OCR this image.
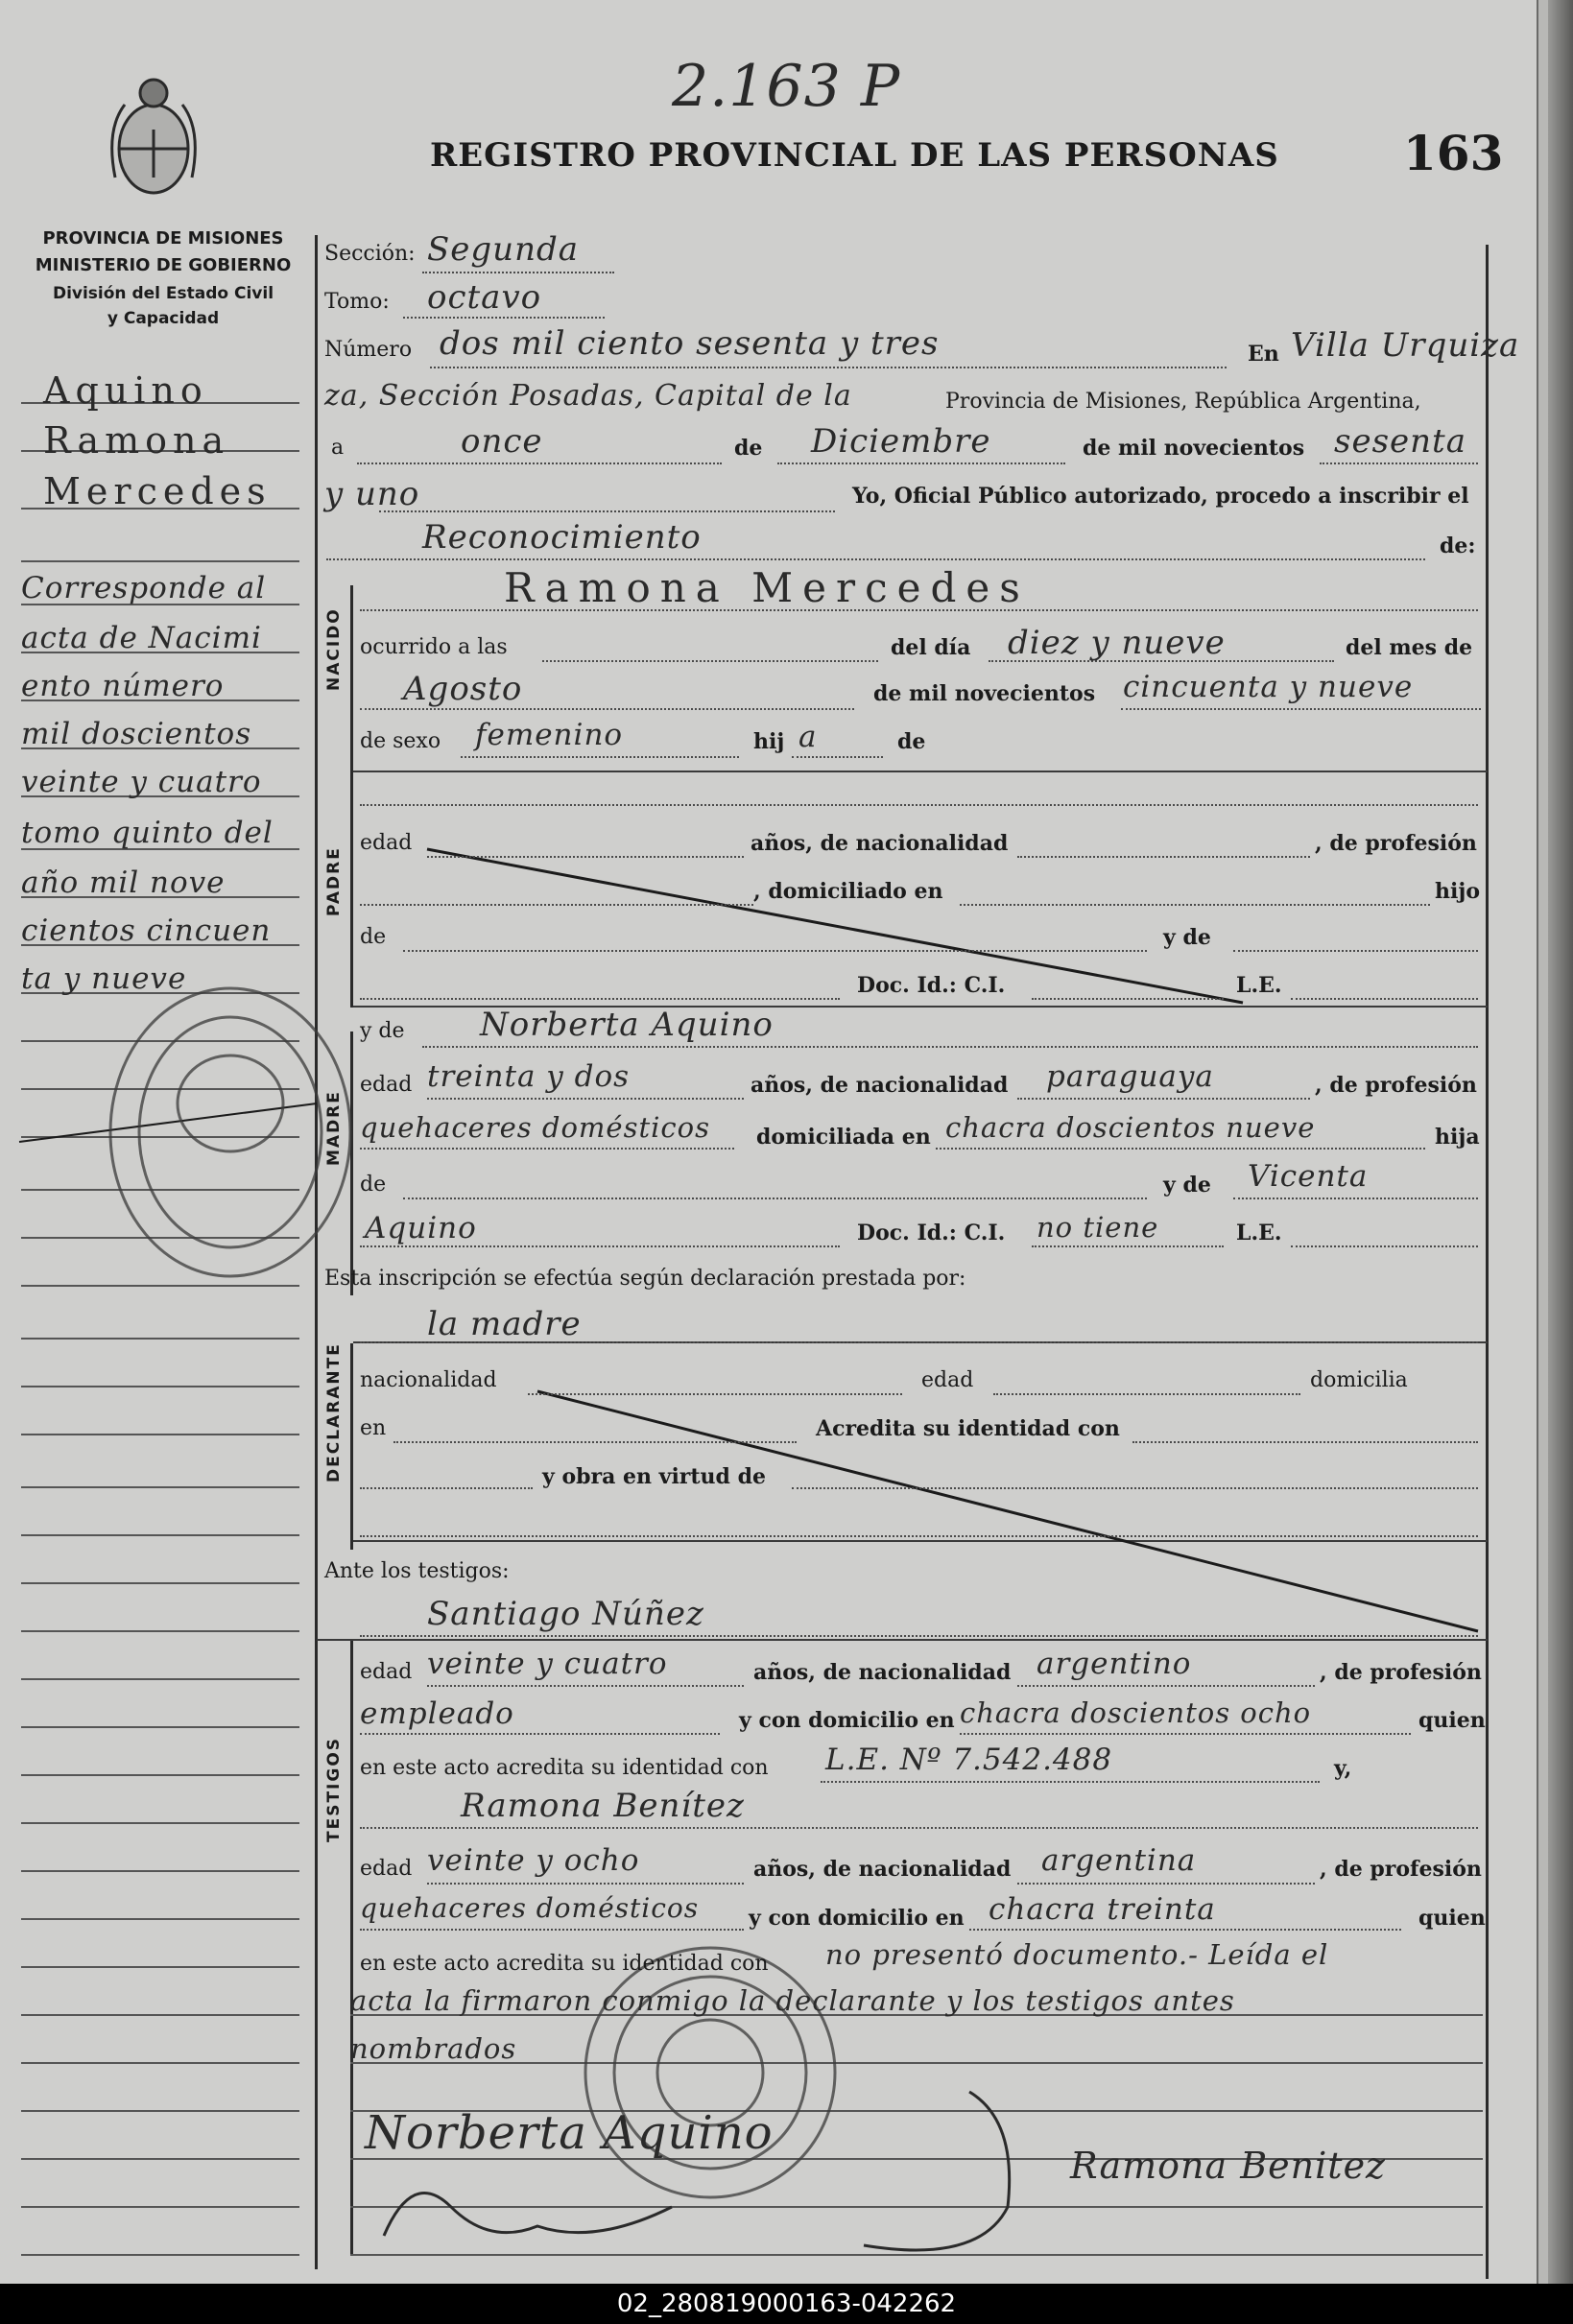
2.163 P
REGISTRO PROVINCIAL DE LAS PERSONAS	163
PROVINCIA DE MISIONES
MINISTERIO DE GOBIERNO
División del Estado Civil
y Capacidad
Aquino
Ramona
Mercedes
Corresponde al
acta de Nacimi
ento número
mil doscientos
veinte y cuatro
tomo quinto del
año mil nove
cientos cincuen
ta y nueve
NACIDO
PADRE
MADRE
DECLARANTE
TESTIGOS
Sección: Segunda
Tomo: octavo
Número dos mil ciento sesenta y tres	En Villa Urquiza
za, Sección Posadas, Capital de la	Provincia de Misiones, República Argentina,
a	once	de Diciembre	de mil novecientos sesenta
y uno	Yo, Oficial Público autorizado, procedo a inscribir el
Reconocimiento	de:
Ramona Mercedes
ocurrido a las	del día diez y nueve	del mes de
Agosto	de mil novecientos cincuenta y nueve
de sexo femenino	hij a	de
edad	años, de nacionalidad	, de profesión
, domiciliado en	hijo
de	y de
Doc. Id.: C.I.	L.E.
y de Norberta Aquino
edad treinta y dos	años, de nacionalidad paraguaya	, de profesión
quehaceres domésticos domiciliada en chacra doscientos nueve	hija
de	y de Vicenta
Aquino	Doc. Id.: C.I. no tiene	L.E.
Esta inscripción se efectúa según declaración prestada por:
la madre
nacionalidad	edad	domicilia
en	Acredita su identidad con
y obra en virtud de
Ante los testigos:
Santiago Núñez
edad veinte y cuatro	años, de nacionalidad argentino	, de profesión
empleado	y con domicilio en chacra doscientos ocho	quien
en este acto acredita su identidad con L.E. Nº 7.542.488	y,
Ramona Benítez
edad veinte y ocho	años, de nacionalidad argentina	, de profesión
quehaceres domésticos y con domicilio en chacra treinta	quien
en este acto acredita su identidad con no presentó documento.- Leída el
acta la firmaron conmigo la declarante y los testigos antes
nombrados
Norberta Aquino
Ramona Benitez
02_280819000163-042262
